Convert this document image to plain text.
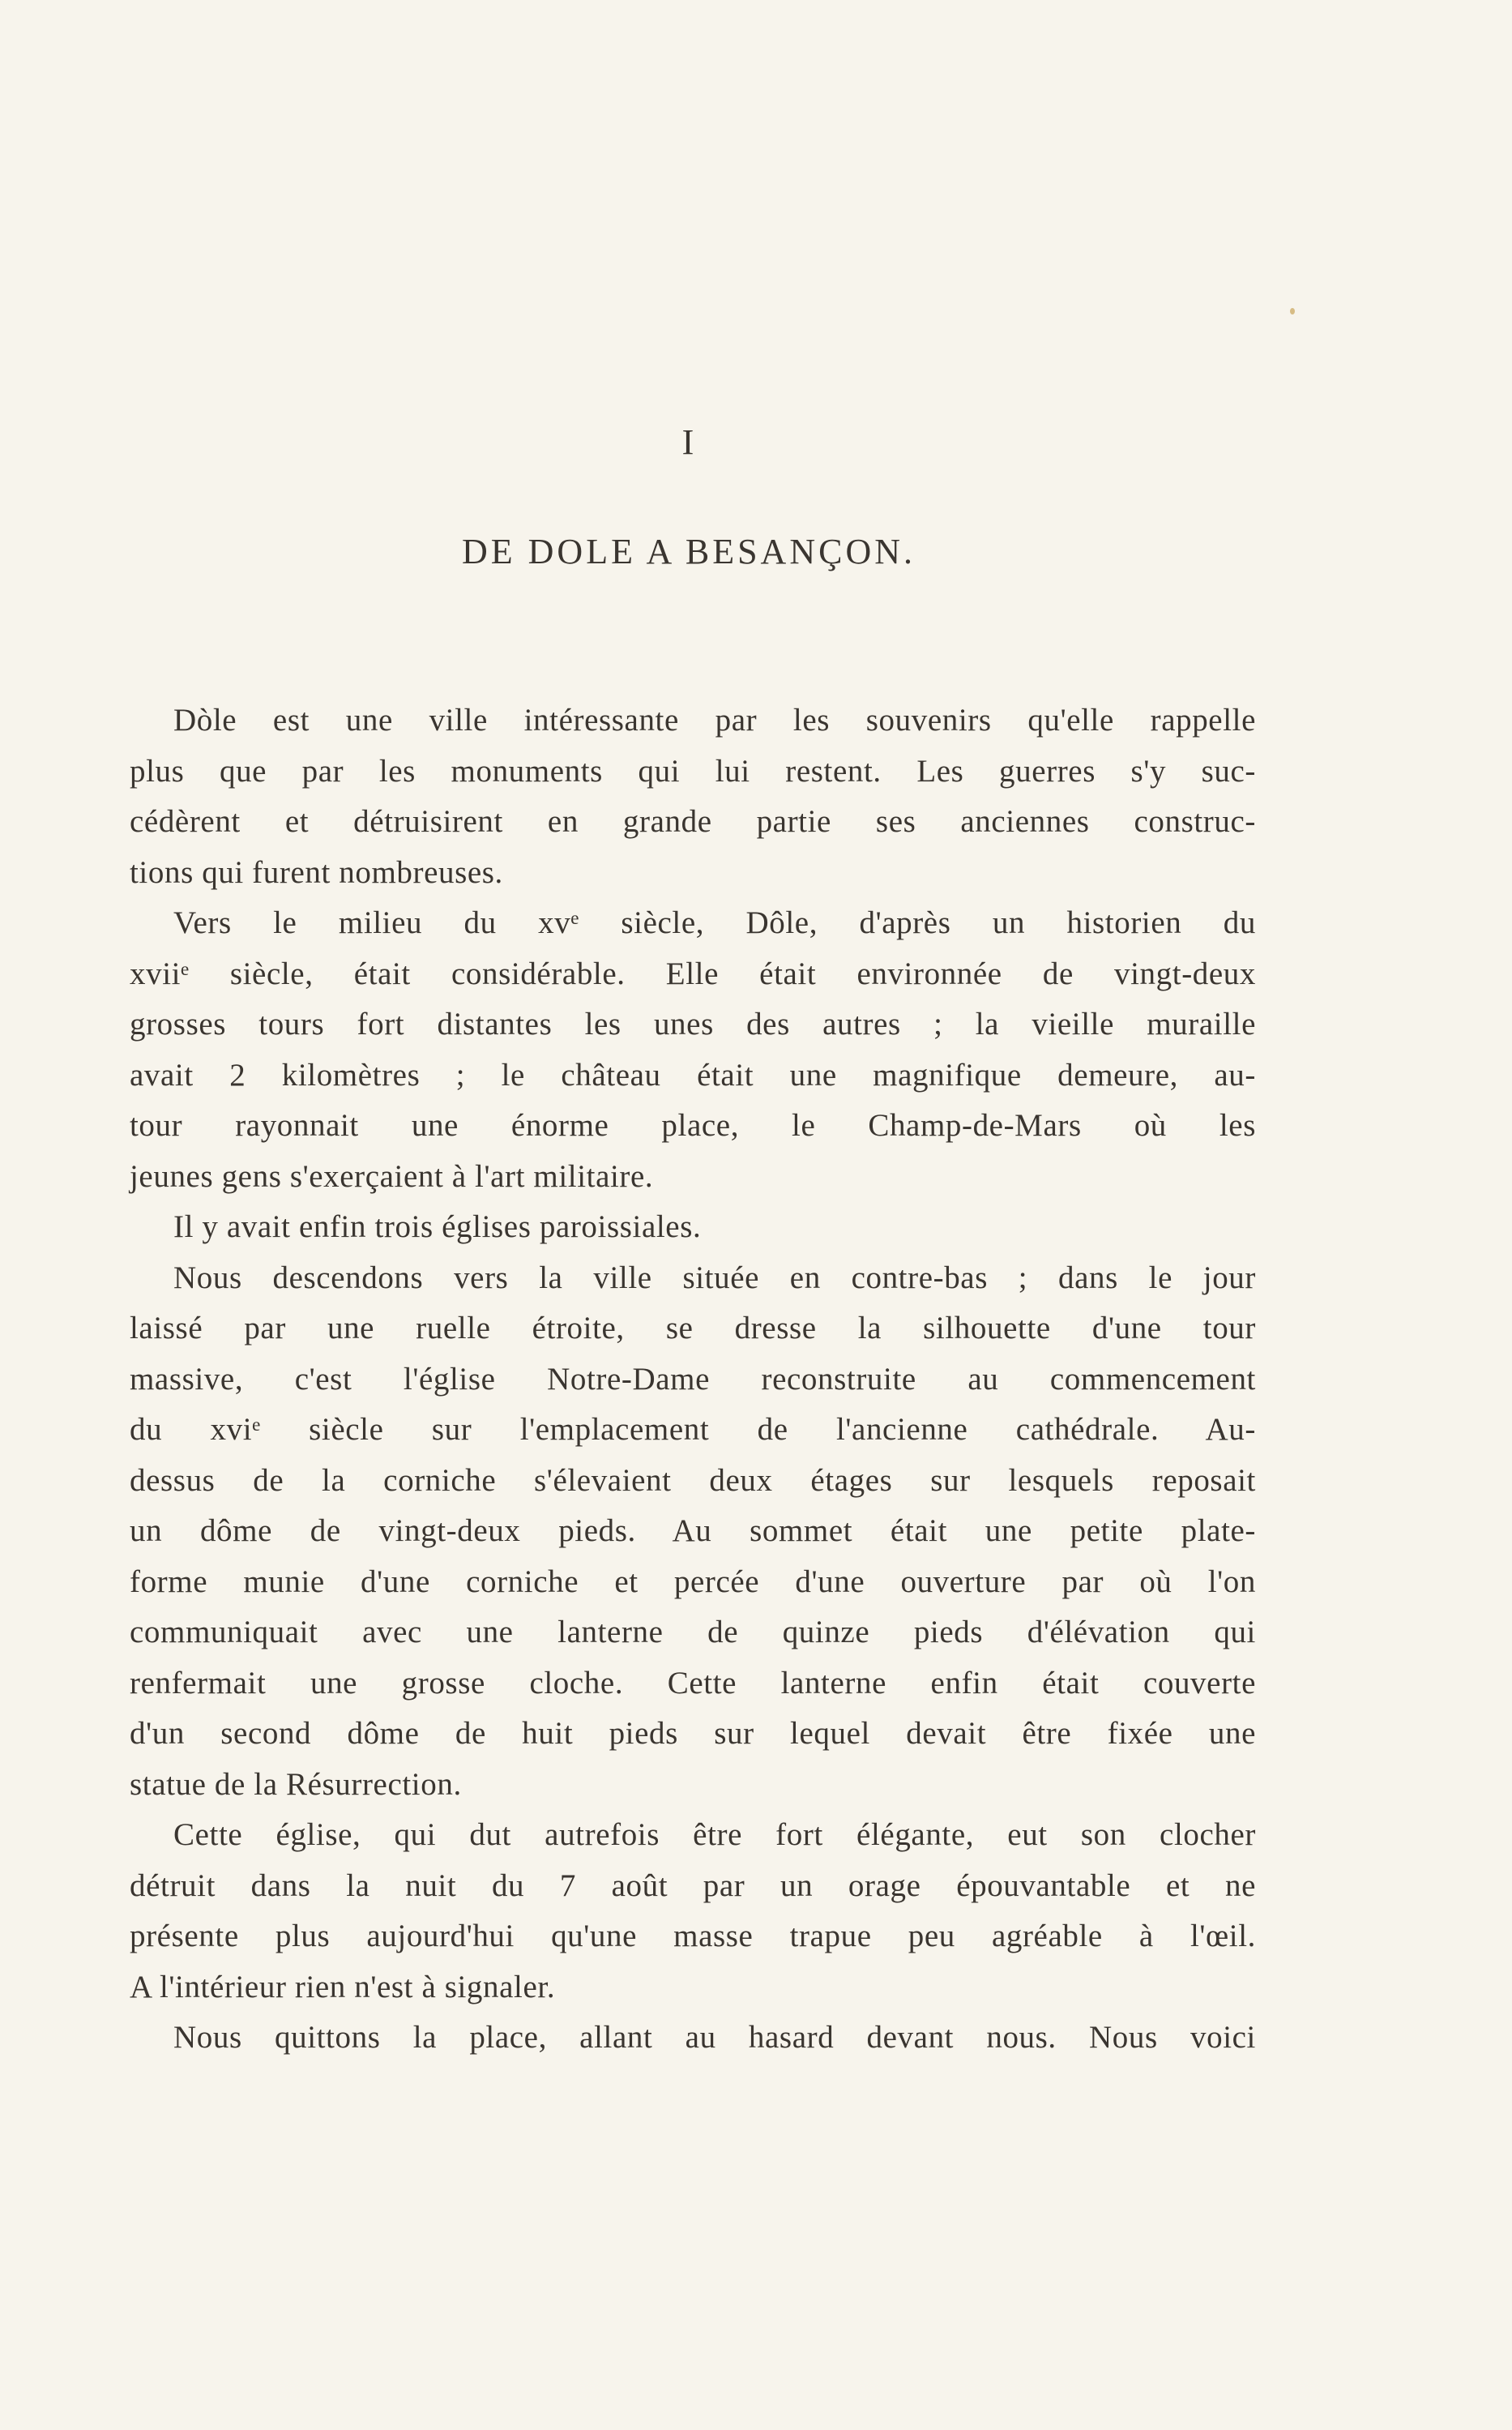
I
DE DOLE A BESANÇON.
Dòle est une ville intéressante par les souvenirs qu'elle rappelle
plus que par les monuments qui lui restent. Les guerres s'y suc-
cédèrent et détruisirent en grande partie ses anciennes construc-
tions qui furent nombreuses.
Vers le milieu du xvᵉ siècle, Dôle, d'après un historien du
xviiᵉ siècle, était considérable. Elle était environnée de vingt-deux
grosses tours fort distantes les unes des autres ; la vieille muraille
avait 2 kilomètres ; le château était une magnifique demeure, au-
tour rayonnait une énorme place, le Champ-de-Mars où les
jeunes gens s'exerçaient à l'art militaire.
Il y avait enfin trois églises paroissiales.
Nous descendons vers la ville située en contre-bas ; dans le jour
laissé par une ruelle étroite, se dresse la silhouette d'une tour
massive, c'est l'église Notre-Dame reconstruite au commencement
du xviᵉ siècle sur l'emplacement de l'ancienne cathédrale. Au-
dessus de la corniche s'élevaient deux étages sur lesquels reposait
un dôme de vingt-deux pieds. Au sommet était une petite plate-
forme munie d'une corniche et percée d'une ouverture par où l'on
communiquait avec une lanterne de quinze pieds d'élévation qui
renfermait une grosse cloche. Cette lanterne enfin était couverte
d'un second dôme de huit pieds sur lequel devait être fixée une
statue de la Résurrection.
Cette église, qui dut autrefois être fort élégante, eut son clocher
détruit dans la nuit du 7 août par un orage épouvantable et ne
présente plus aujourd'hui qu'une masse trapue peu agréable à l'œil.
A l'intérieur rien n'est à signaler.
Nous quittons la place, allant au hasard devant nous. Nous voici
